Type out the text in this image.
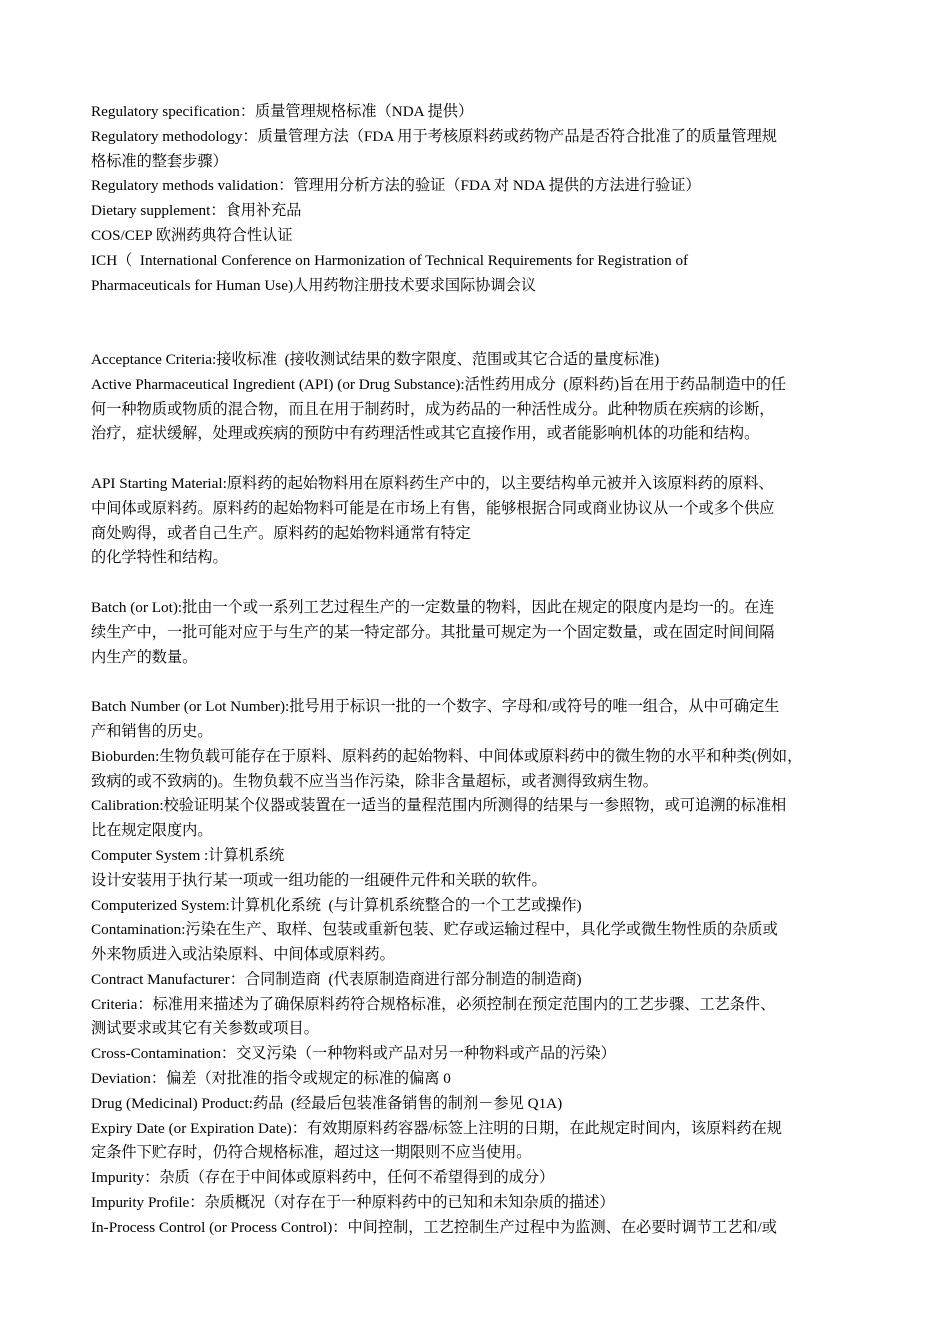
Regulatory specification：质量管理规格标准（NDA 提供）

Regulatory methodology：质量管理方法（FDA 用于考核原料药或药物产品是否符合批准了的质量管理规
格标准的整套步骤）

Regulatory methods validation：管理用分析方法的验证（FDA 对 NDA 提供的方法进行验证）

Dietary supplement：食用补充品

COS/CEP 欧洲药典符合性认证

ICH（  International Conference on Harmonization of Technical Requirements for Registration of
Pharmaceuticals for Human Use)人用药物注册技术要求国际协调会议

Acceptance Criteria:接收标准  (接收测试结果的数字限度、范围或其它合适的量度标准)

Active Pharmaceutical Ingredient (API) (or Drug Substance):活性药用成分  (原料药)旨在用于药品制造中的任
何一种物质或物质的混合物，而且在用于制药时，成为药品的一种活性成分。此种物质在疾病的诊断，
治疗，症状缓解，处理或疾病的预防中有药理活性或其它直接作用，或者能影响机体的功能和结构。

API Starting Material:原料药的起始物料用在原料药生产中的，以主要结构单元被并入该原料药的原料、
中间体或原料药。原料药的起始物料可能是在市场上有售，能够根据合同或商业协议从一个或多个供应
商处购得，或者自己生产。原料药的起始物料通常有特定
的化学特性和结构。

Batch (or Lot):批由一个或一系列工艺过程生产的一定数量的物料，因此在规定的限度内是均一的。在连
续生产中，一批可能对应于与生产的某一特定部分。其批量可规定为一个固定数量，或在固定时间间隔
内生产的数量。

Batch Number (or Lot Number):批号用于标识一批的一个数字、字母和/或符号的唯一组合，从中可确定生
产和销售的历史。

Bioburden:生物负载可能存在于原料、原料药的起始物料、中间体或原料药中的微生物的水平和种类(例如，
致病的或不致病的)。生物负载不应当当作污染，除非含量超标，或者测得致病生物。

Calibration:校验证明某个仪器或装置在一适当的量程范围内所测得的结果与一参照物，或可追溯的标准相
比在规定限度内。

Computer System :计算机系统

设计安装用于执行某一项或一组功能的一组硬件元件和关联的软件。

Computerized System:计算机化系统  (与计算机系统整合的一个工艺或操作)

Contamination:污染在生产、取样、包装或重新包装、贮存或运输过程中，具化学或微生物性质的杂质或
外来物质进入或沾染原料、中间体或原料药。

Contract Manufacturer：合同制造商  (代表原制造商进行部分制造的制造商)

Criteria：标准用来描述为了确保原料药符合规格标准，必须控制在预定范围内的工艺步骤、工艺条件、
测试要求或其它有关参数或项目。

Cross-Contamination：交叉污染（一种物料或产品对另一种物料或产品的污染）

Deviation：偏差（对批准的指令或规定的标准的偏离 0

Drug (Medicinal) Product:药品  (经最后包装准备销售的制剂－参见 Q1A)

Expiry Date (or Expiration Date)：有效期原料药容器/标签上注明的日期，在此规定时间内，该原料药在规
定条件下贮存时，仍符合规格标准，超过这一期限则不应当使用。

Impurity：杂质（存在于中间体或原料药中，任何不希望得到的成分）

Impurity Profile：杂质概况（对存在于一种原料药中的已知和未知杂质的描述）

In-Process Control (or Process Control)：中间控制，工艺控制生产过程中为监测、在必要时调节工艺和/或
